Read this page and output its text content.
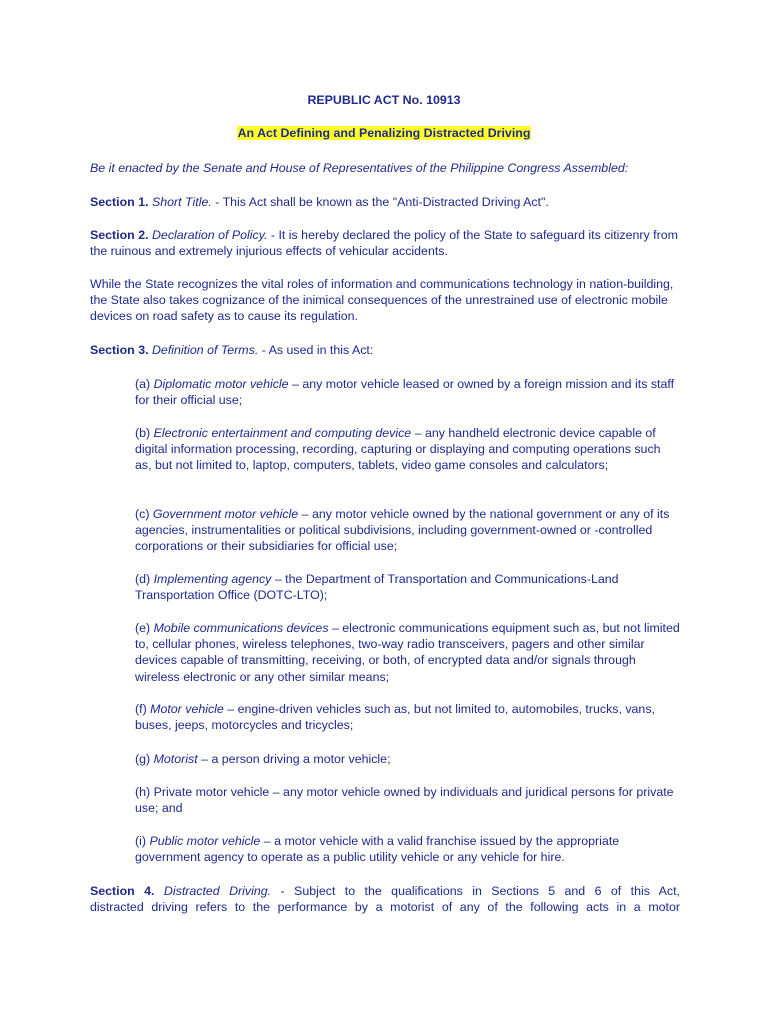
REPUBLIC ACT No. 10913
An Act Defining and Penalizing Distracted Driving
Be it enacted by the Senate and House of Representatives of the Philippine Congress Assembled:
Section 1. Short Title. - This Act shall be known as the "Anti-Distracted Driving Act".
Section 2. Declaration of Policy. - It is hereby declared the policy of the State to safeguard its citizenry from the ruinous and extremely injurious effects of vehicular accidents.
While the State recognizes the vital roles of information and communications technology in nation-building, the State also takes cognizance of the inimical consequences of the unrestrained use of electronic mobile devices on road safety as to cause its regulation.
Section 3. Definition of Terms. - As used in this Act:
(a) Diplomatic motor vehicle – any motor vehicle leased or owned by a foreign mission and its staff for their official use;
(b) Electronic entertainment and computing device – any handheld electronic device capable of digital information processing, recording, capturing or displaying and computing operations such as, but not limited to, laptop, computers, tablets, video game consoles and calculators;
(c) Government motor vehicle – any motor vehicle owned by the national government or any of its agencies, instrumentalities or political subdivisions, including government-owned or -controlled corporations or their subsidiaries for official use;
(d) Implementing agency – the Department of Transportation and Communications-Land Transportation Office (DOTC-LTO);
(e) Mobile communications devices – electronic communications equipment such as, but not limited to, cellular phones, wireless telephones, two-way radio transceivers, pagers and other similar devices capable of transmitting, receiving, or both, of encrypted data and/or signals through wireless electronic or any other similar means;
(f) Motor vehicle – engine-driven vehicles such as, but not limited to, automobiles, trucks, vans, buses, jeeps, motorcycles and tricycles;
(g) Motorist – a person driving a motor vehicle;
(h) Private motor vehicle – any motor vehicle owned by individuals and juridical persons for private use; and
(i) Public motor vehicle – a motor vehicle with a valid franchise issued by the appropriate government agency to operate as a public utility vehicle or any vehicle for hire.
Section 4. Distracted Driving. - Subject to the qualifications in Sections 5 and 6 of this Act,
distracted driving refers to the performance by a motorist of any of the following acts in a motor
